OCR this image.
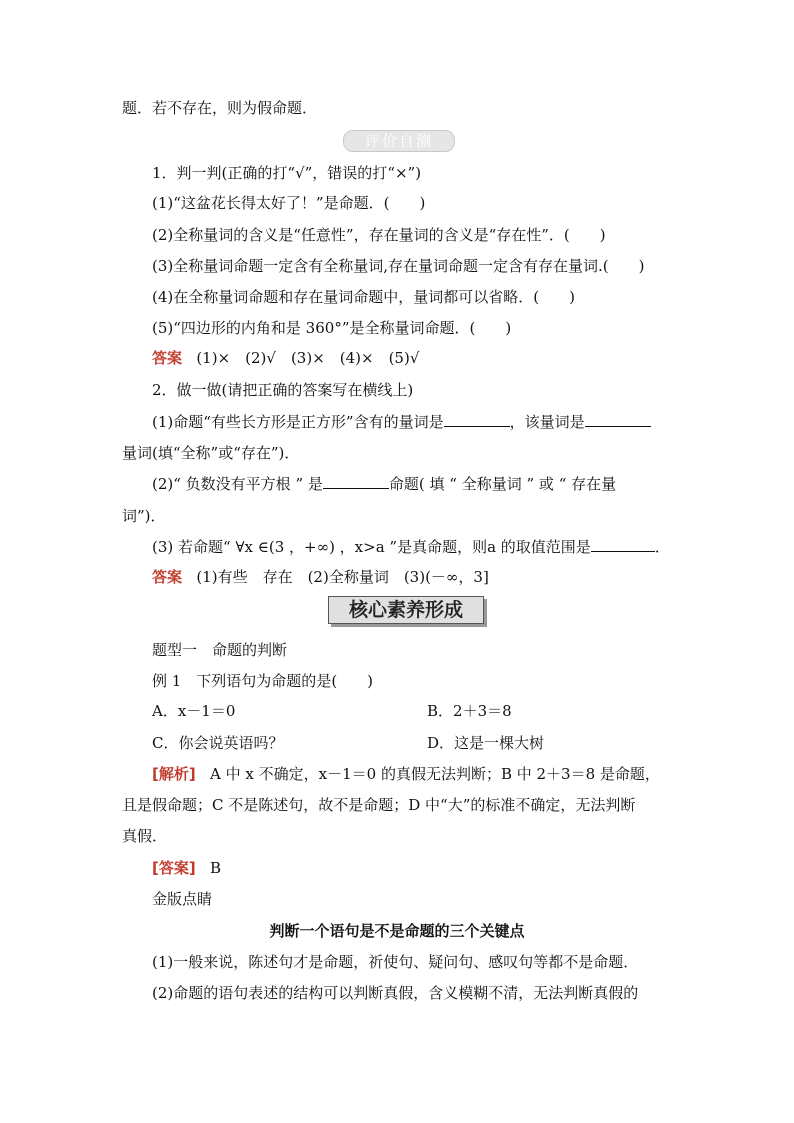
题．若不存在，则为假命题．
评价自测
1．判一判(正确的打“√”，错误的打“×”)
(1)“这盆花长得太好了！”是命题．(　　)
(2)全称量词的含义是“任意性”，存在量词的含义是“存在性”．(　　)
(3)全称量词命题一定含有全称量词,存在量词命题一定含有存在量词.(　　)
(4)在全称量词命题和存在量词命题中，量词都可以省略．(　　)
(5)“四边形的内角和是 360°”是全称量词命题．(　　)
答案 (1)×　(2)√　(3)×　(4)×　(5)√
2．做一做(请把正确的答案写在横线上)
(1)命题“有些长方形是正方形”含有的量词是	，该量词是
量词(填“全称”或“存在”)．
(2)“ 负数没有平方根 ” 是	命题( 填 “ 全称量词 ” 或 “ 存在量
词”)．
(3) 若命题“ ∀x ∈(3 ，+∞) ，x>a ”是真命题，则a 的取值范围是	．
答案 (1)有些　存在　(2)全称量词　(3)(－∞，3]
核心素养形成
题型一　命题的判断
例 1　下列语句为命题的是(　　)
A．x－1＝0	B．2＋3＝8
C．你会说英语吗？	D．这是一棵大树
[解析] A 中 x 不确定，x－1＝0 的真假无法判断；B 中 2＋3＝8 是命题，
且是假命题；C 不是陈述句，故不是命题；D 中“大”的标准不确定，无法判断
真假．
[答案] B
金版点睛
判断一个语句是不是命题的三个关键点
(1)一般来说，陈述句才是命题，祈使句、疑问句、感叹句等都不是命题．
(2)命题的语句表述的结构可以判断真假，含义模糊不清，无法判断真假的
